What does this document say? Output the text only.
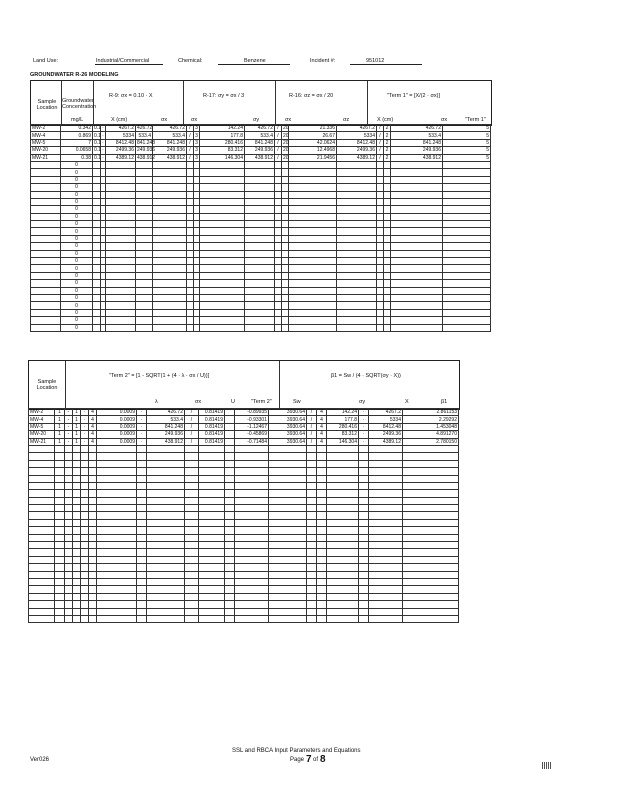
Land Use:	Industrial/Commercial	Chemical:	Benzene	Incident #:	951012
GROUNDWATER R-26 MODELING
Sample Location
Groundwater Concentration
mg/L
R-9: σx = 0.10 · X	R-17: σy = σx / 3	R-16: σz = σx / 20	"Term 1" = [X/(2 · σx)]
X (cm)	σx	σx	σy	σx	σz	X (cm)	σx	"Term 1"
MW-2	0.342	0.1	·	4267.2	426.72	426.72	/	3	142.24	426.72	/	20	21.336	4267.2	/	2	426.72	5
MW-4	0.869	0.1	·	5334	533.4	533.4	/	3	177.8	533.4	/	20	26.67	5334	/	2	533.4	5
MW-5	7	0.1	·	8412.48	841.248	841.248	/	3	280.416	841.248	/	20	42.0624	8412.48	/	2	841.248	5
MW-20	0.0658	0.1	·	2499.36	249.936	249.936	/	3	83.312	249.936	/	20	12.4968	2499.36	/	2	249.936	5
MW-21	0.38	0.1	·	4389.12	438.912	438.912	/	3	146.304	438.912	/	20	21.9456	4389.12	/	2	438.912	5
	0																	
	0																	
	0																	
	0																	
	0																	
	0																	
	0																	
	0																	
	0																	
	0																	
	0																	
	0																	
	0																	
	0																	
	0																	
	0																	
	0																	
	0																	
	0																	
	0																	
	0																	
	0																	
	0																	
Sample Location
"Term 2" = [1 - SQRT(1 + (4 · λ · σx / U))]	β1 = Sw / (4 · SQRT(σy · X))
λ	σx	U	"Term 2"	Sw	σy	X	β1
MW-2	1	-	1	·	4	0.0009	·	426.72	/	0.81419		-0.89935	3930.64	/	4	142.24	·	4267.2	2.861153
MW-4	1	-	1	·	4	0.0009	·	533.4	/	0.81419		-0.93301	3930.64	/	4	177.8	·	5334	2.29292
MW-5	1	-	1	·	4	0.0009	·	841.248	/	0.81419		-1.12467	3930.64	/	4	280.416	·	8412.48	1.453048
MW-20	1	-	1	·	4	0.0009	·	249.936	/	0.81419		-0.45869	3930.64	/	4	83.312	·	2499.36	4.891270
MW-21	1	-	1	·	4	0.0009	·	438.912	/	0.81419		-0.71484	3930.64	/	4	146.304	·	4389.12	2.780150

Ver026
SSL and RBCA Input Parameters and Equations
Page 7 of 8
